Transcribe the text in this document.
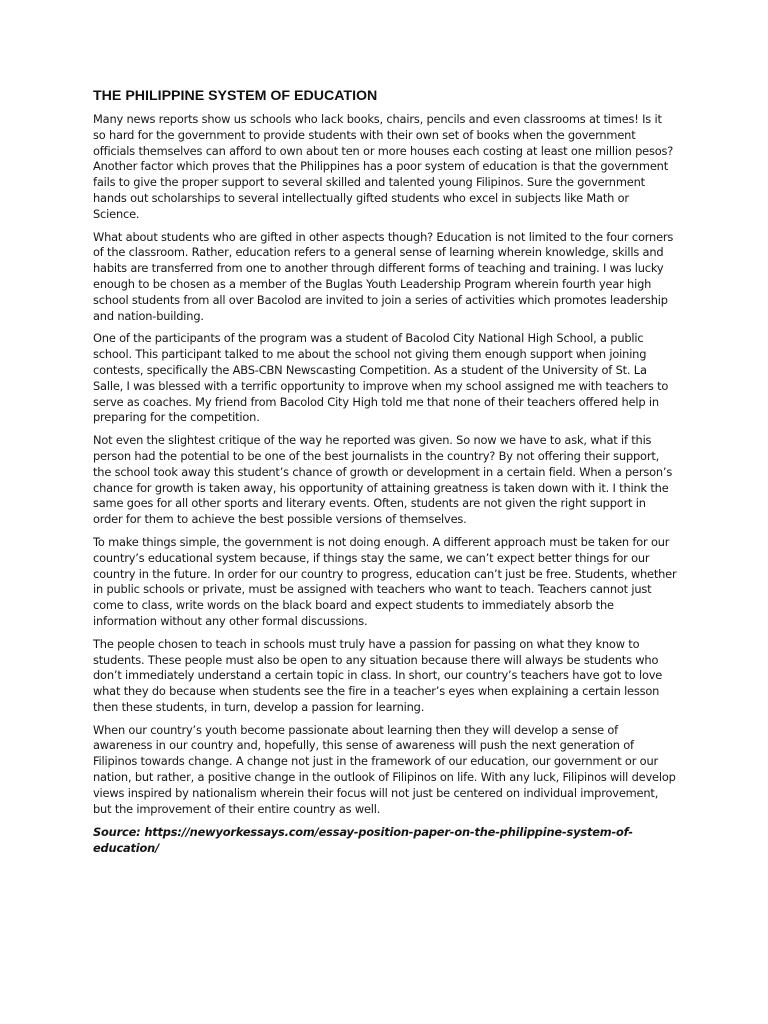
THE PHILIPPINE SYSTEM OF EDUCATION

Many news reports show us schools who lack books, chairs, pencils and even classrooms at times! Is it so hard for the government to provide students with their own set of books when the government officials themselves can afford to own about ten or more houses each costing at least one million pesos? Another factor which proves that the Philippines has a poor system of education is that the government fails to give the proper support to several skilled and talented young Filipinos. Sure the government hands out scholarships to several intellectually gifted students who excel in subjects like Math or Science.

What about students who are gifted in other aspects though? Education is not limited to the four corners of the classroom. Rather, education refers to a general sense of learning wherein knowledge, skills and habits are transferred from one to another through different forms of teaching and training. I was lucky enough to be chosen as a member of the Buglas Youth Leadership Program wherein fourth year high school students from all over Bacolod are invited to join a series of activities which promotes leadership and nation-building.

One of the participants of the program was a student of Bacolod City National High School, a public school. This participant talked to me about the school not giving them enough support when joining contests, specifically the ABS-CBN Newscasting Competition. As a student of the University of St. La Salle, I was blessed with a terrific opportunity to improve when my school assigned me with teachers to serve as coaches. My friend from Bacolod City High told me that none of their teachers offered help in preparing for the competition.

Not even the slightest critique of the way he reported was given. So now we have to ask, what if this person had the potential to be one of the best journalists in the country? By not offering their support, the school took away this student’s chance of growth or development in a certain field. When a person’s chance for growth is taken away, his opportunity of attaining greatness is taken down with it. I think the same goes for all other sports and literary events. Often, students are not given the right support in order for them to achieve the best possible versions of themselves.

To make things simple, the government is not doing enough. A different approach must be taken for our country’s educational system because, if things stay the same, we can’t expect better things for our country in the future. In order for our country to progress, education can’t just be free. Students, whether in public schools or private, must be assigned with teachers who want to teach. Teachers cannot just come to class, write words on the black board and expect students to immediately absorb the information without any other formal discussions.

The people chosen to teach in schools must truly have a passion for passing on what they know to students. These people must also be open to any situation because there will always be students who don’t immediately understand a certain topic in class. In short, our country’s teachers have got to love what they do because when students see the fire in a teacher’s eyes when explaining a certain lesson then these students, in turn, develop a passion for learning.

When our country’s youth become passionate about learning then they will develop a sense of awareness in our country and, hopefully, this sense of awareness will push the next generation of Filipinos towards change. A change not just in the framework of our education, our government or our nation, but rather, a positive change in the outlook of Filipinos on life. With any luck, Filipinos will develop views inspired by nationalism wherein their focus will not just be centered on individual improvement, but the improvement of their entire country as well.

Source: https://newyorkessays.com/essay-position-paper-on-the-philippine-system-of-education/
